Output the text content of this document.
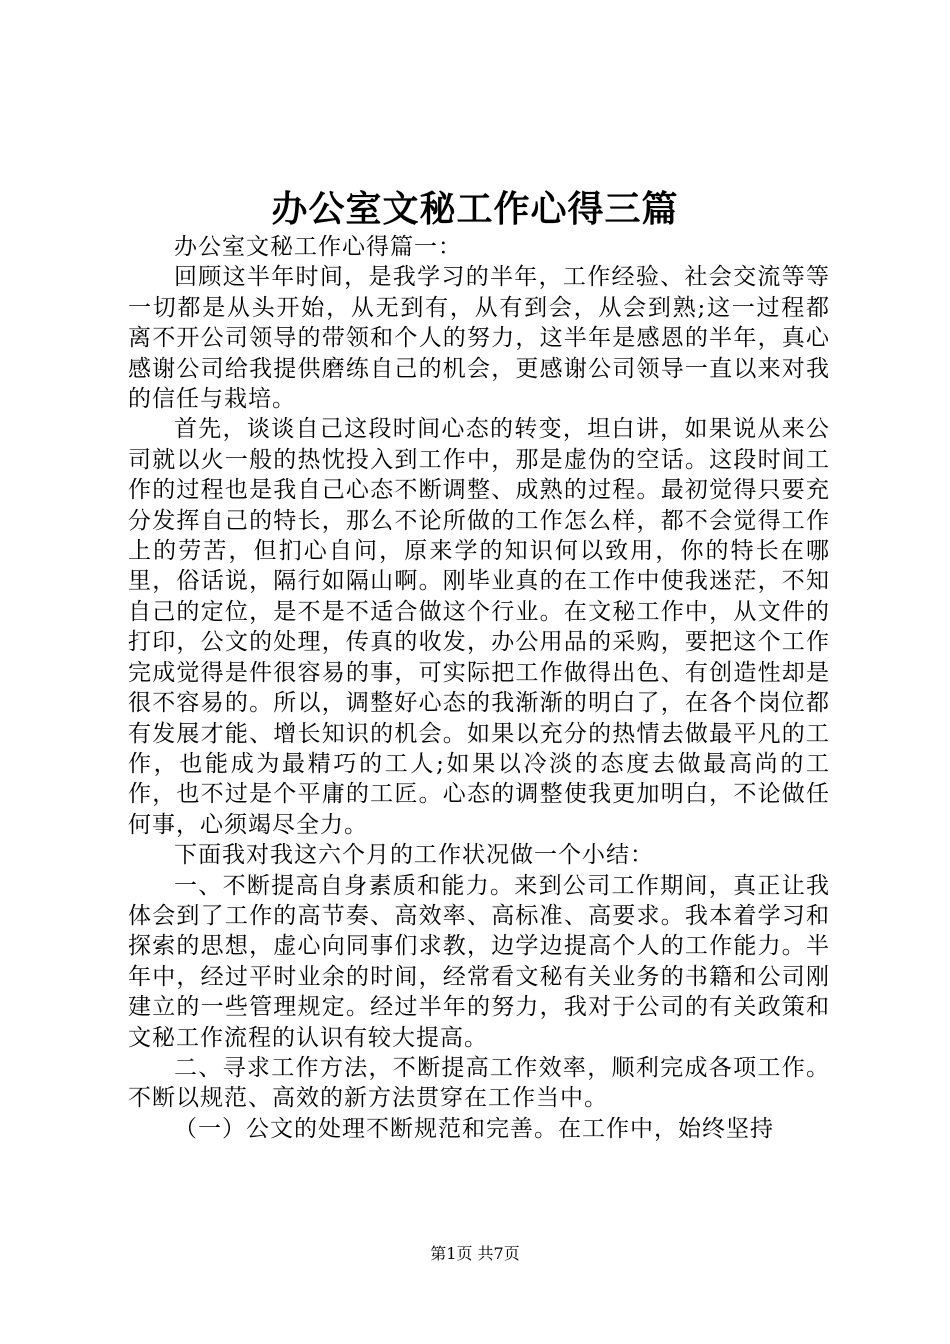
办公室文秘工作心得三篇

办公室文秘工作心得篇一：

回顾这半年时间，是我学习的半年，工作经验、社会交流等等一切都是从头开始，从无到有，从有到会，从会到熟;这一过程都离不开公司领导的带领和个人的努力，这半年是感恩的半年，真心感谢公司给我提供磨练自己的机会，更感谢公司领导一直以来对我的信任与栽培。

首先，谈谈自己这段时间心态的转变，坦白讲，如果说从来公司就以火一般的热忱投入到工作中，那是虚伪的空话。这段时间工作的过程也是我自己心态不断调整、成熟的过程。最初觉得只要充分发挥自己的特长，那么不论所做的工作怎么样，都不会觉得工作上的劳苦，但扪心自问，原来学的知识何以致用，你的特长在哪里，俗话说，隔行如隔山啊。刚毕业真的在工作中使我迷茫，不知自己的定位，是不是不适合做这个行业。在文秘工作中，从文件的打印，公文的处理，传真的收发，办公用品的采购，要把这个工作完成觉得是件很容易的事，可实际把工作做得出色、有创造性却是很不容易的。所以，调整好心态的我渐渐的明白了，在各个岗位都有发展才能、增长知识的机会。如果以充分的热情去做最平凡的工作，也能成为最精巧的工人;如果以冷淡的态度去做最高尚的工作，也不过是个平庸的工匠。心态的调整使我更加明白，不论做任何事，心须竭尽全力。

下面我对我这六个月的工作状况做一个小结：

一、不断提高自身素质和能力。来到公司工作期间，真正让我体会到了工作的高节奏、高效率、高标准、高要求。我本着学习和探索的思想，虚心向同事们求教，边学边提高个人的工作能力。半年中，经过平时业余的时间，经常看文秘有关业务的书籍和公司刚建立的一些管理规定。经过半年的努力，我对于公司的有关政策和文秘工作流程的认识有较大提高。

二、寻求工作方法，不断提高工作效率，顺利完成各项工作。不断以规范、高效的新方法贯穿在工作当中。

（一）公文的处理不断规范和完善。在工作中，始终坚持

第1页 共7页
